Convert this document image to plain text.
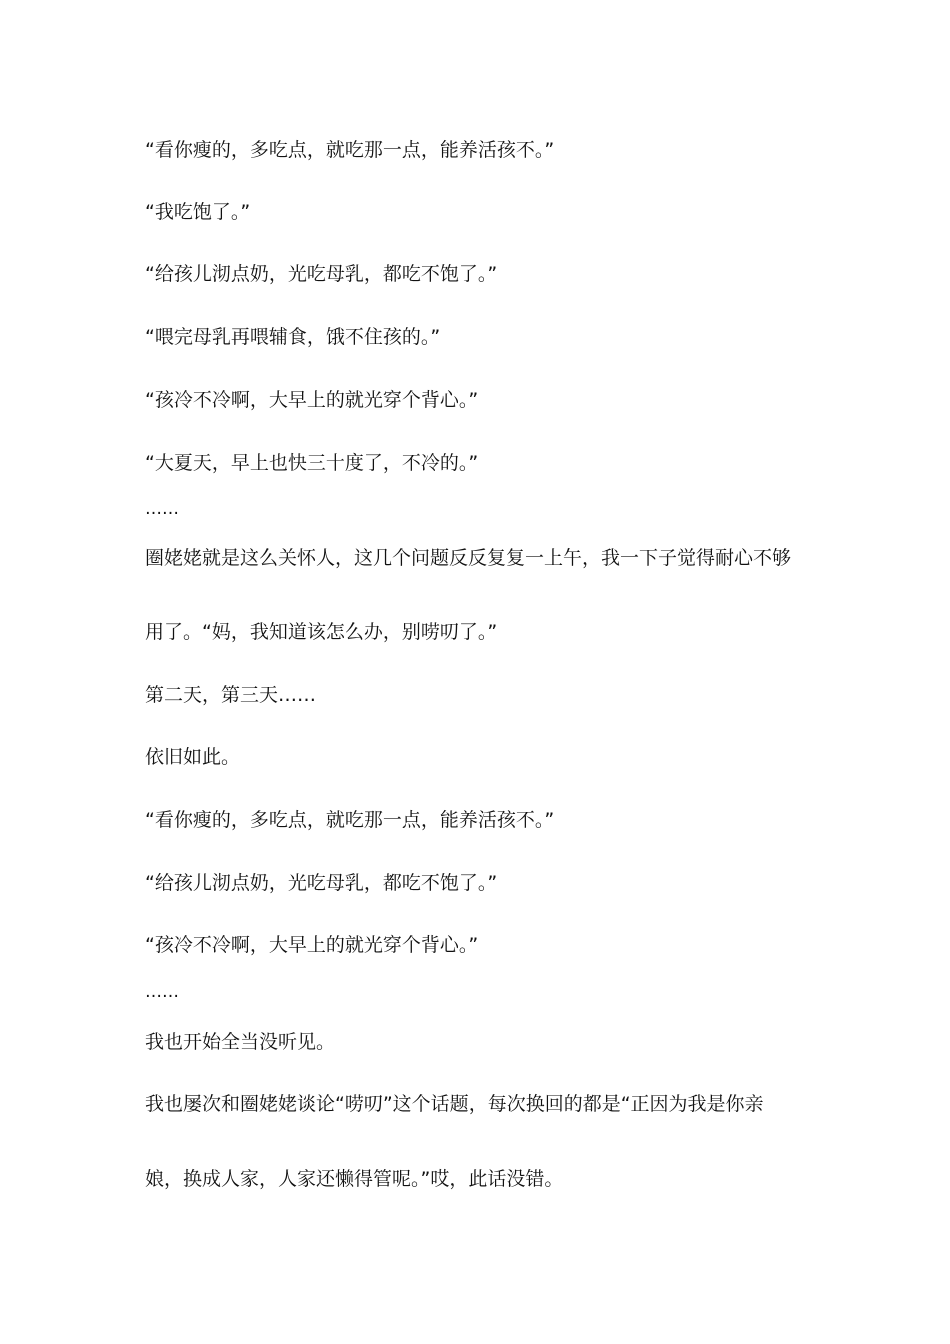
“看你瘦的，多吃点，就吃那一点，能养活孩不。”
“我吃饱了。”
“给孩儿沏点奶，光吃母乳，都吃不饱了。”
“喂完母乳再喂辅食，饿不住孩的。”
“孩冷不冷啊，大早上的就光穿个背心。”
“大夏天，早上也快三十度了，不冷的。”
……
圈姥姥就是这么关怀人，这几个问题反反复复一上午，我一下子觉得耐心不够
用了。“妈，我知道该怎么办，别唠叨了。”
第二天，第三天……
依旧如此。
“看你瘦的，多吃点，就吃那一点，能养活孩不。”
“给孩儿沏点奶，光吃母乳，都吃不饱了。”
“孩冷不冷啊，大早上的就光穿个背心。”
……
我也开始全当没听见。
我也屡次和圈姥姥谈论“唠叨”这个话题，每次换回的都是“正因为我是你亲
娘，换成人家，人家还懒得管呢。”哎，此话没错。
